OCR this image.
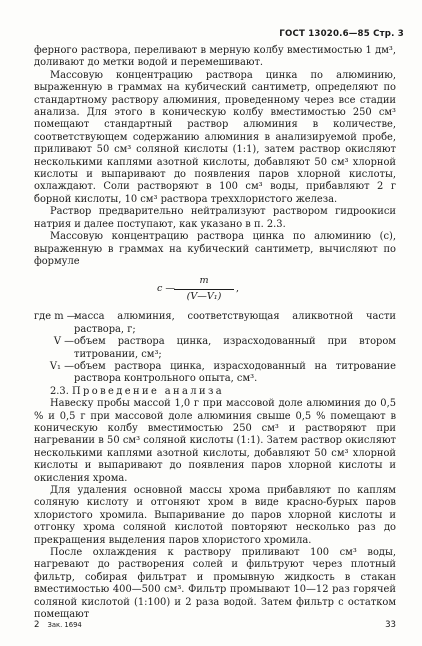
ГОСТ 13020.6—85 Стр. 3

ферного раствора, переливают в мерную колбу вместимостью 1 дм³, доливают до метки водой и перемешивают.

Массовую концентрацию раствора цинка по алюминию, выраженную в граммах на кубический сантиметр, определяют по стандартному раствору алюминия, проведенному через все стадии анализа. Для этого в коническую колбу вместимостью 250 см³ помещают стандартный раствор алюминия в количестве, соответствующем содержанию алюминия в анализируемой пробе, приливают 50 см³ соляной кислоты (1:1), затем раствор окисляют несколькими каплями азотной кислоты, добавляют 50 см³ хлорной кислоты и выпаривают до появления паров хлорной кислоты, охлаждают. Соли растворяют в 100 см³ воды, прибавляют 2 г борной кислоты, 10 см³ раствора треххлористого железа.

Раствор предварительно нейтрализуют раствором гидроокиси натрия и далее поступают, как указано в п. 2.3.

Массовую концентрацию раствора цинка по алюминию (с), выраженную в граммах на кубический сантиметр, вычисляют по формуле

c —
$\frac{m}{\text{(V—V₁)}}$ ,
где m —
масса алюминия, соответствующая аликвотной части раствора, г;
V — объем раствора цинка, израсходованный при втором титровании, см³;
V₁ — объем раствора цинка, израсходованный на титрование раствора контрольного опыта, см³.

2.3. Проведение анализа

Навеску пробы массой 1,0 г при массовой доле алюминия до 0,5 % и 0,5 г при массовой доле алюминия свыше 0,5 % помещают в коническую колбу вместимостью 250 см³ и растворяют при нагревании в 50 см³ соляной кислоты (1:1). Затем раствор окисляют несколькими каплями азотной кислоты, добавляют 50 см³ хлорной кислоты и выпаривают до появления паров хлорной кислоты и окисления хрома.

Для удаления основной массы хрома прибавляют по каплям соляную кислоту и отгоняют хром в виде красно-бурых паров хлористого хромила. Выпаривание до паров хлорной кислоты и отгонку хрома соляной кислотой повторяют несколько раз до прекращения выделения паров хлористого хромила.

После охлаждения к раствору приливают 100 см³ воды, нагревают до растворения солей и фильтруют через плотный фильтр, собирая фильтрат и промывную жидкость в стакан вместимостью 400—500 см³. Фильтр промывают 10—12 раз горячей соляной кислотой (1:100) и 2 раза водой. Затем фильтр с остатком помещают

2 Зак. 1694	33
